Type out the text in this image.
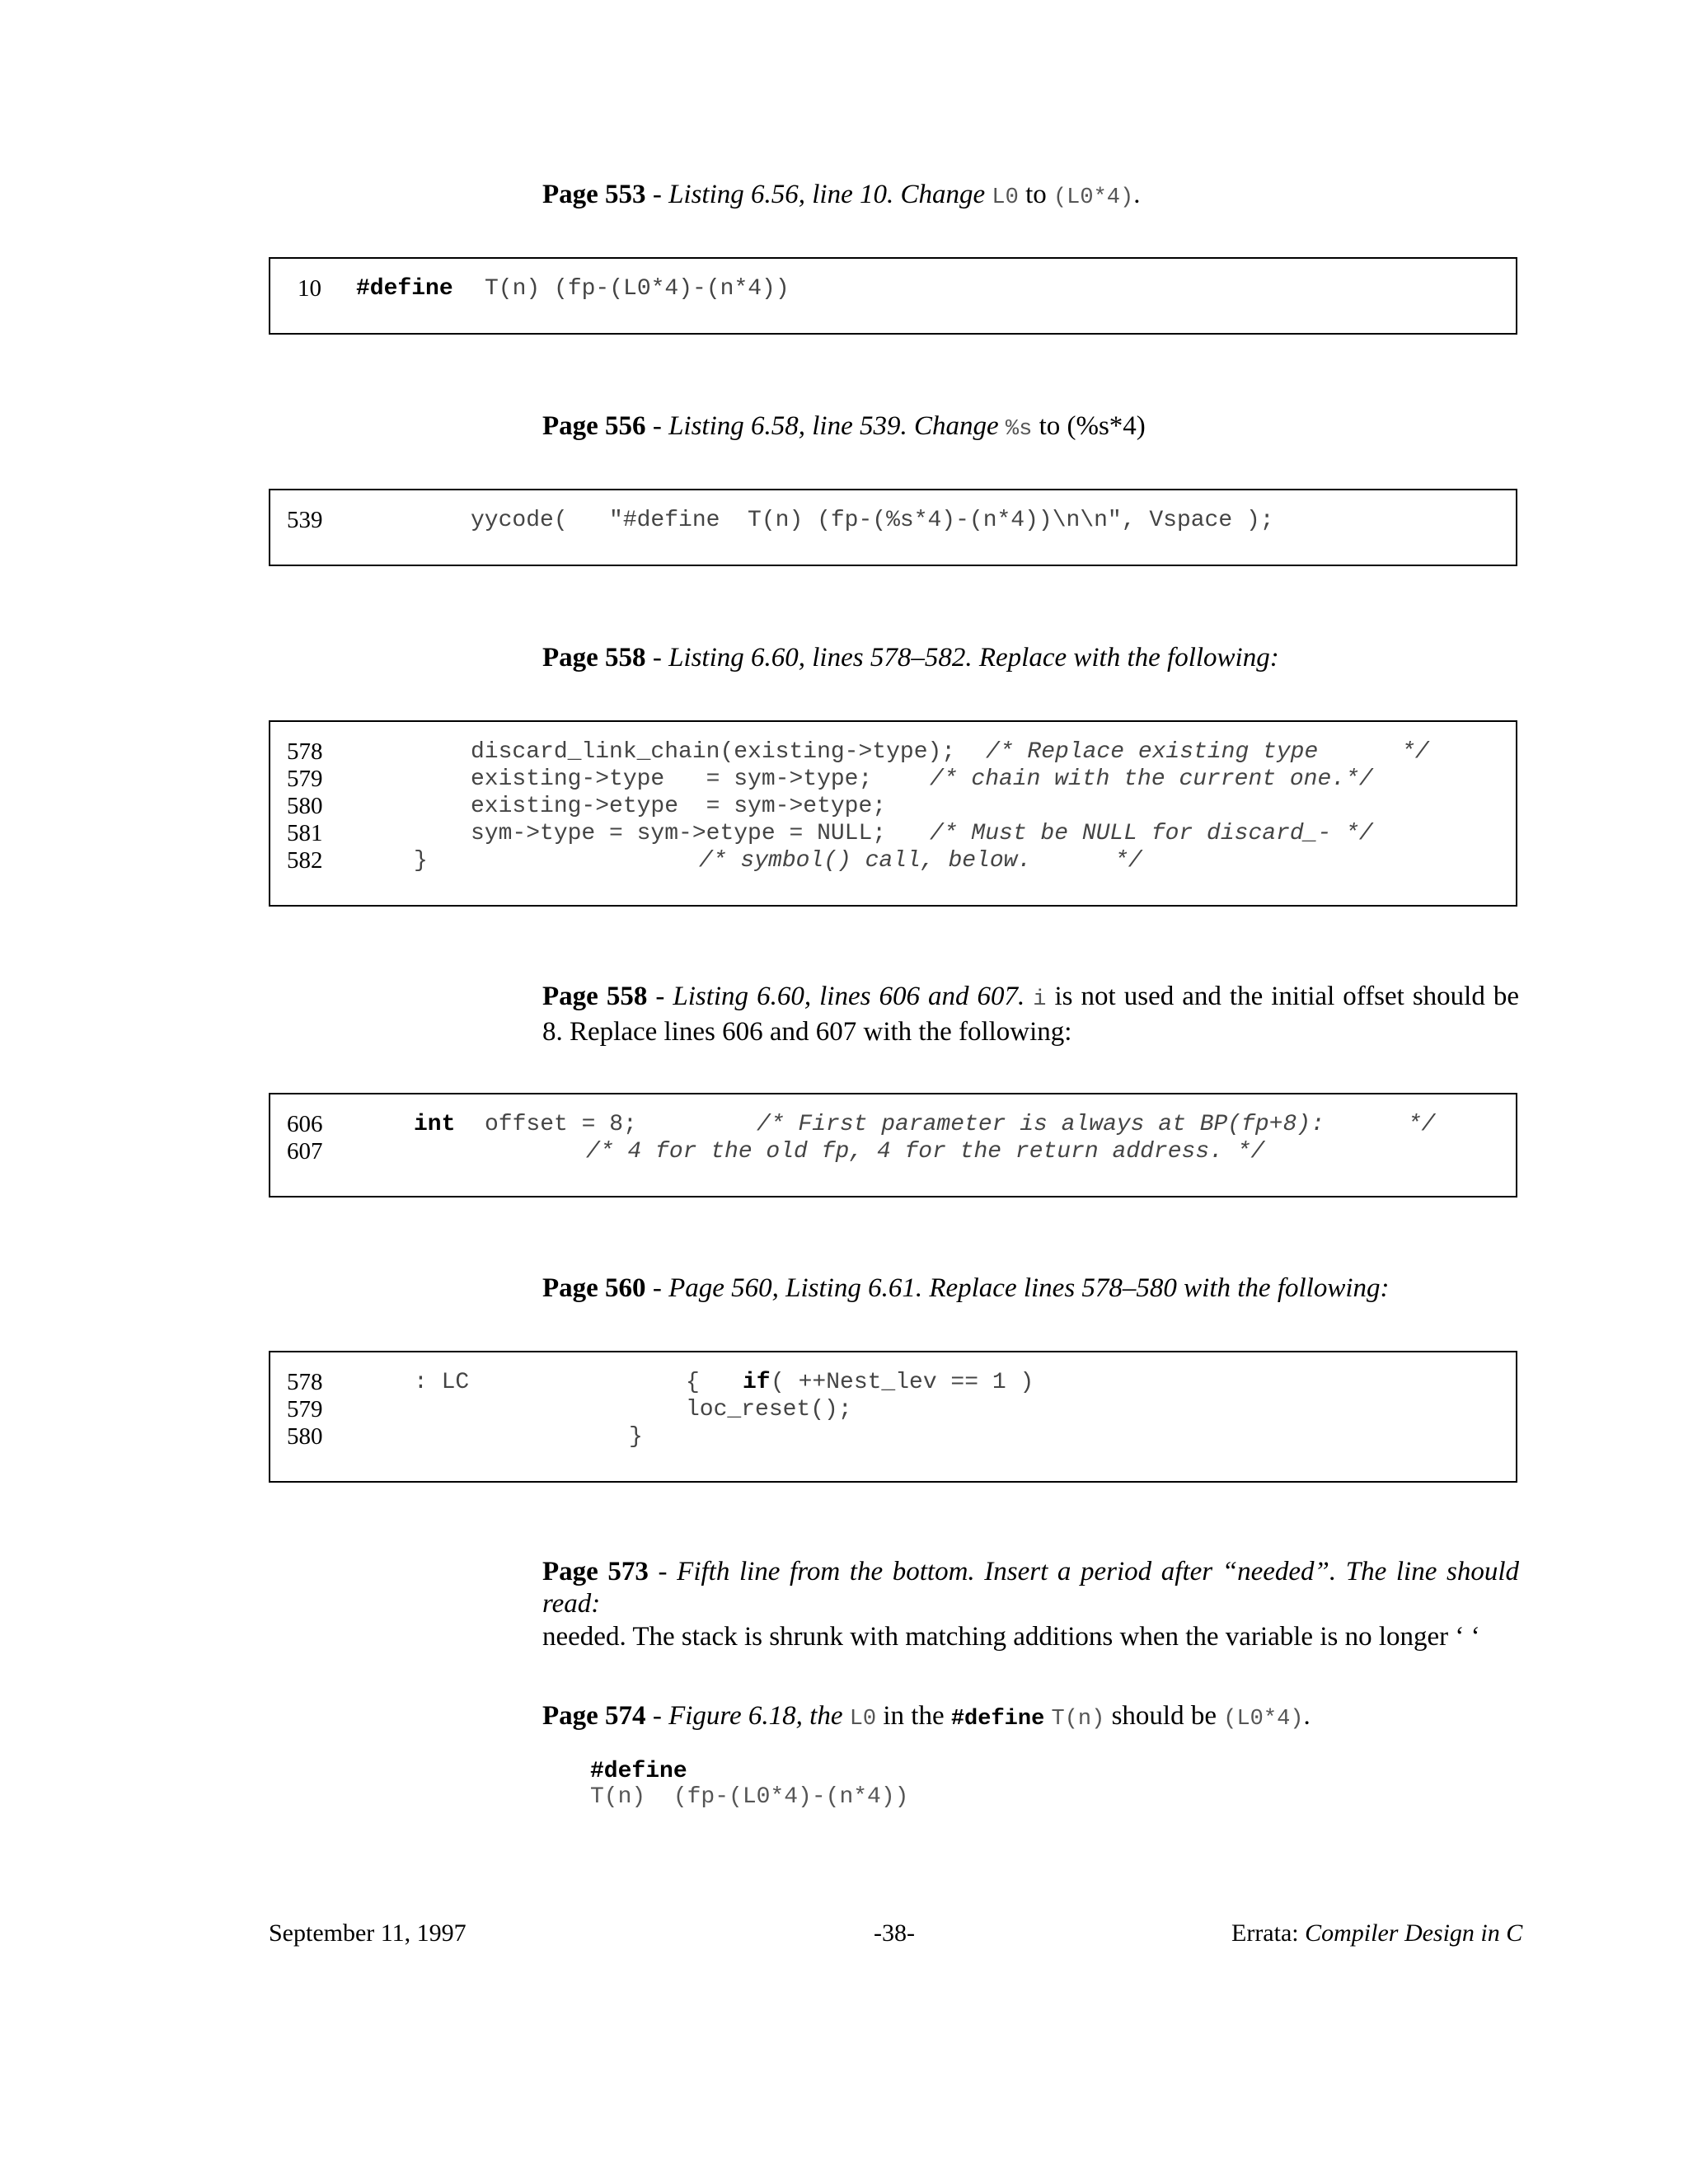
Page 553 - Listing 6.56, line 10. Change L0 to (L0*4).
10 #define T(n) (fp-(L0*4)-(n*4))
Page 556 - Listing 6.58, line 539. Change %s to (%s*4)
539	yycode(   "#define  T(n) (fp-(%s*4)-(n*4))\n\n", Vspace );
Page 558 - Listing 6.60, lines 578–582. Replace with the following:
578	discard_link_chain(existing->type); /* Replace existing type      */
579	existing->type   = sym->type; /* chain with the current one.*/
580	existing->etype  = sym->etype;
581	sym->type = sym->etype = NULL; /* Must be NULL for discard_- */
582	}	/* symbol() call, below.      */
Page 558 - Listing 6.60, lines 606 and 607. i is not used and the initial offset should be 8. Replace lines 606 and 607 with the following:
606	int offset = 8;	/* First parameter is always at BP(fp+8):      */
607	/* 4 for the old fp, 4 for the return address. */
Page 560 - Page 560, Listing 6.61. Replace lines 578–580 with the following:
578	: LC	{ if ( ++Nest_lev == 1 )
579	loc_reset();
580	}
Page 573 - Fifth line from the bottom. Insert a period after “needed”. The line should read:
needed. The stack is shrunk with matching additions when the variable is no longer ‘ ‘
Page 574 - Figure 6.18, the L0 in the #define T(n) should be (L0*4).

#define
T(n)  (fp-(L0*4)-(n*4))

September 11, 1997	-38-	Errata: Compiler Design in C
